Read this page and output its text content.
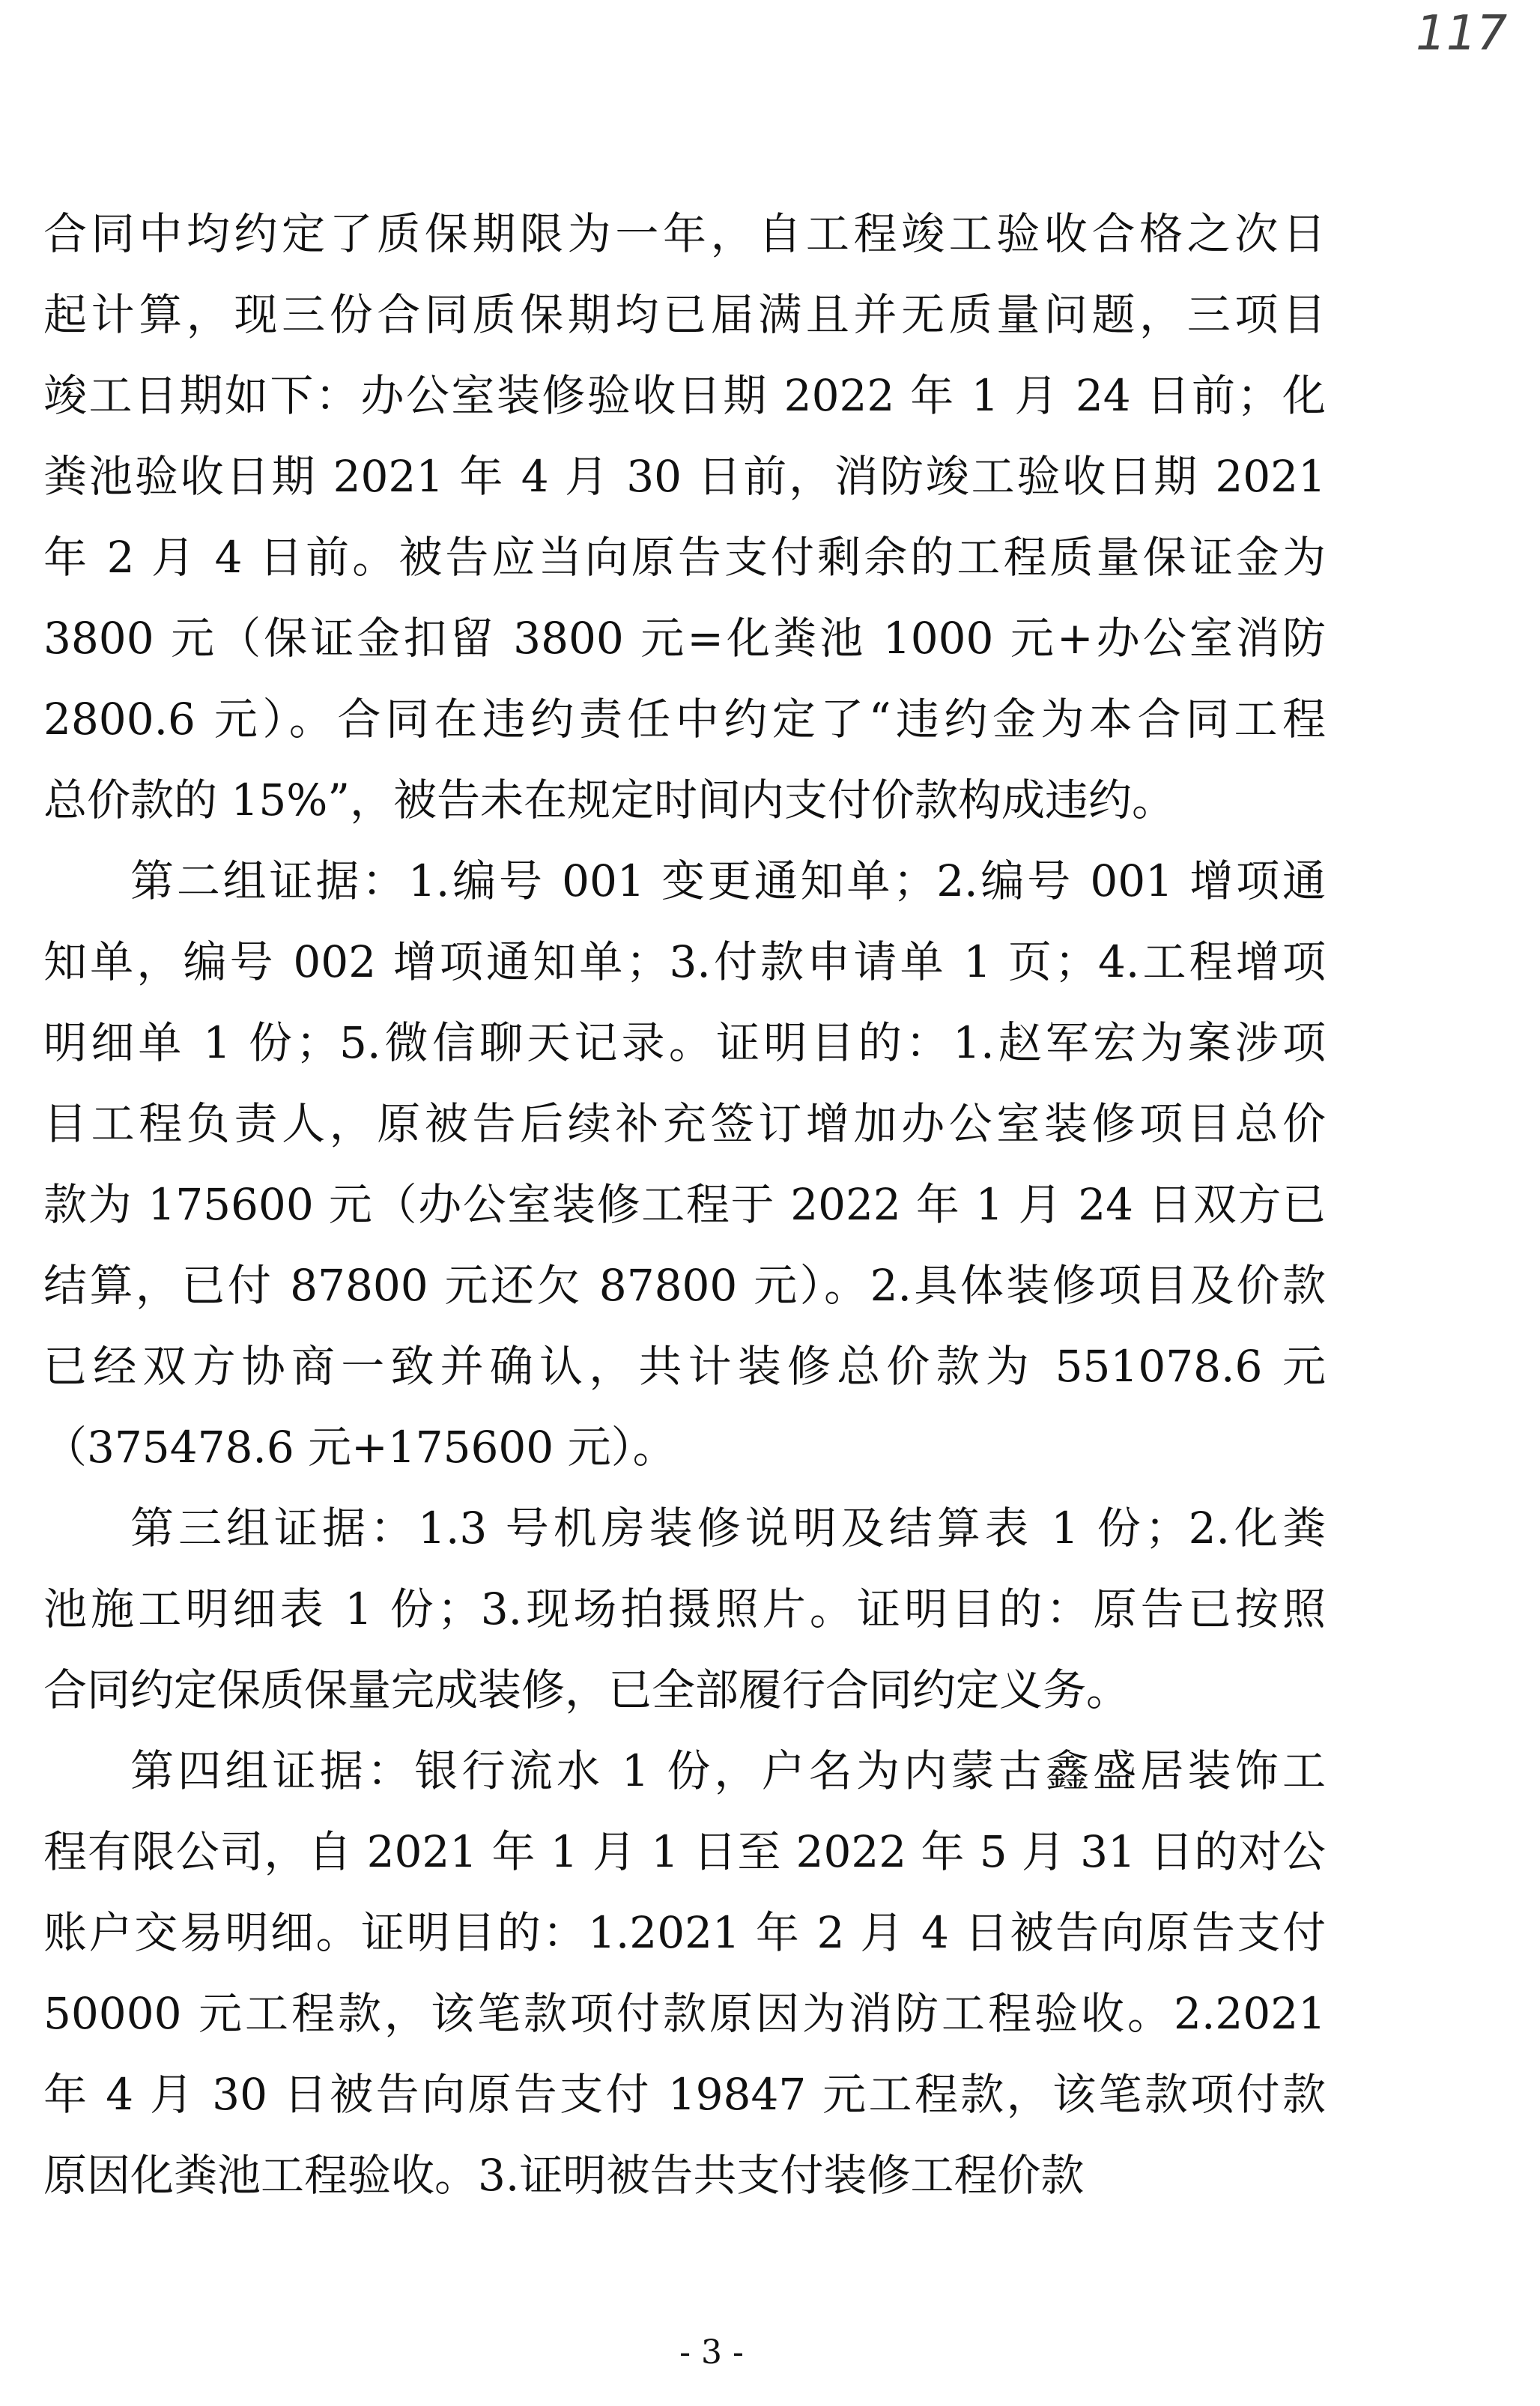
117
合同中均约定了质保期限为一年，自工程竣工验收合格之次日
起计算，现三份合同质保期均已届满且并无质量问题，三项目
竣工日期如下：办公室装修验收日期 2022 年 1 月 24 日前；化
粪池验收日期 2021 年 4 月 30 日前，消防竣工验收日期 2021
年 2 月 4 日前。被告应当向原告支付剩余的工程质量保证金为
3800 元（保证金扣留 3800 元=化粪池 1000 元+办公室消防
2800.6 元）。合同在违约责任中约定了“违约金为本合同工程
总价款的 15%”，被告未在规定时间内支付价款构成违约。
第二组证据：1.编号 001 变更通知单；2.编号 001 增项通
知单，编号 002 增项通知单；3.付款申请单 1 页；4.工程增项
明细单 1 份；5.微信聊天记录。证明目的：1.赵军宏为案涉项
目工程负责人，原被告后续补充签订增加办公室装修项目总价
款为 175600 元（办公室装修工程于 2022 年 1 月 24 日双方已
结算，已付 87800 元还欠 87800 元）。2.具体装修项目及价款
已经双方协商一致并确认，共计装修总价款为 551078.6 元
（375478.6 元+175600 元）。
第三组证据：1.3 号机房装修说明及结算表 1 份；2.化粪
池施工明细表 1 份；3.现场拍摄照片。证明目的：原告已按照
合同约定保质保量完成装修，已全部履行合同约定义务。
第四组证据：银行流水 1 份，户名为内蒙古鑫盛居装饰工
程有限公司，自 2021 年 1 月 1 日至 2022 年 5 月 31 日的对公
账户交易明细。证明目的：1.2021 年 2 月 4 日被告向原告支付
50000 元工程款，该笔款项付款原因为消防工程验收。2.2021
年 4 月 30 日被告向原告支付 19847 元工程款，该笔款项付款
原因化粪池工程验收。3.证明被告共支付装修工程价款
- 3 -
